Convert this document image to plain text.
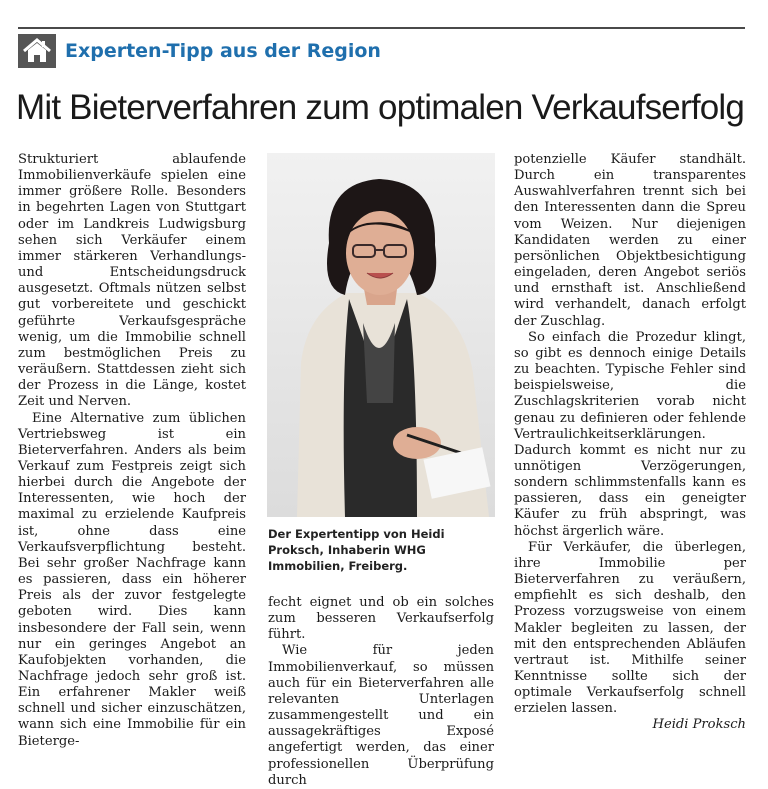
Experten-Tipp aus der Region
Mit Bieterverfahren zum optimalen Verkaufserfolg

Strukturiert ablaufende Immobilienverkäufe spielen eine immer größere Rolle. Besonders in begehrten Lagen von Stuttgart oder im Landkreis Ludwigsburg sehen sich Verkäufer einem immer stärkeren Verhandlungs- und Entscheidungsdruck ausgesetzt. Oftmals nützen selbst gut vorbereitete und geschickt geführte Verkaufsgespräche wenig, um die Immobilie schnell zum bestmöglichen Preis zu veräußern. Stattdessen zieht sich der Prozess in die Länge, kostet Zeit und Nerven.

Eine Alternative zum üblichen Vertriebsweg ist ein Bieterverfahren. Anders als beim Verkauf zum Festpreis zeigt sich hierbei durch die Angebote der Interessenten, wie hoch der maximal zu erzielende Kaufpreis ist, ohne dass eine Verkaufsverpflichtung besteht. Bei sehr großer Nachfrage kann es passieren, dass ein höherer Preis als der zuvor festgelegte geboten wird. Dies kann insbesondere der Fall sein, wenn nur ein geringes Angebot an Kaufobjekten vorhanden, die Nachfrage jedoch sehr groß ist. Ein erfahrener Makler weiß schnell und sicher einzuschätzen, wann sich eine Immobilie für ein Bieterge-

Der Expertentipp von Heidi Proksch, Inhaberin WHG Immobilien, Freiberg.

fecht eignet und ob ein solches zum besseren Verkaufserfolg führt.

Wie für jeden Immobilienverkauf, so müssen auch für ein Bieterverfahren alle relevanten Unterlagen zusammengestellt und ein aussagekräftiges Exposé angefertigt werden, das einer professionellen Überprüfung durch

potenzielle Käufer standhält. Durch ein transparentes Auswahlverfahren trennt sich bei den Interessenten dann die Spreu vom Weizen. Nur diejenigen Kandidaten werden zu einer persönlichen Objektbesichtigung eingeladen, deren Angebot seriös und ernsthaft ist. Anschließend wird verhandelt, danach erfolgt der Zuschlag.

So einfach die Prozedur klingt, so gibt es dennoch einige Details zu beachten. Typische Fehler sind beispielsweise, die Zuschlagskriterien vorab nicht genau zu definieren oder fehlende Vertraulichkeitserklärungen. Dadurch kommt es nicht nur zu unnötigen Verzögerungen, sondern schlimmstenfalls kann es passieren, dass ein geneigter Käufer zu früh abspringt, was höchst ärgerlich wäre.

Für Verkäufer, die überlegen, ihre Immobilie per Bieterverfahren zu veräußern, empfiehlt es sich deshalb, den Prozess vorzugsweise von einem Makler begleiten zu lassen, der mit den entsprechenden Abläufen vertraut ist. Mithilfe seiner Kenntnisse sollte sich der optimale Verkaufserfolg schnell erzielen lassen.

Heidi Proksch
